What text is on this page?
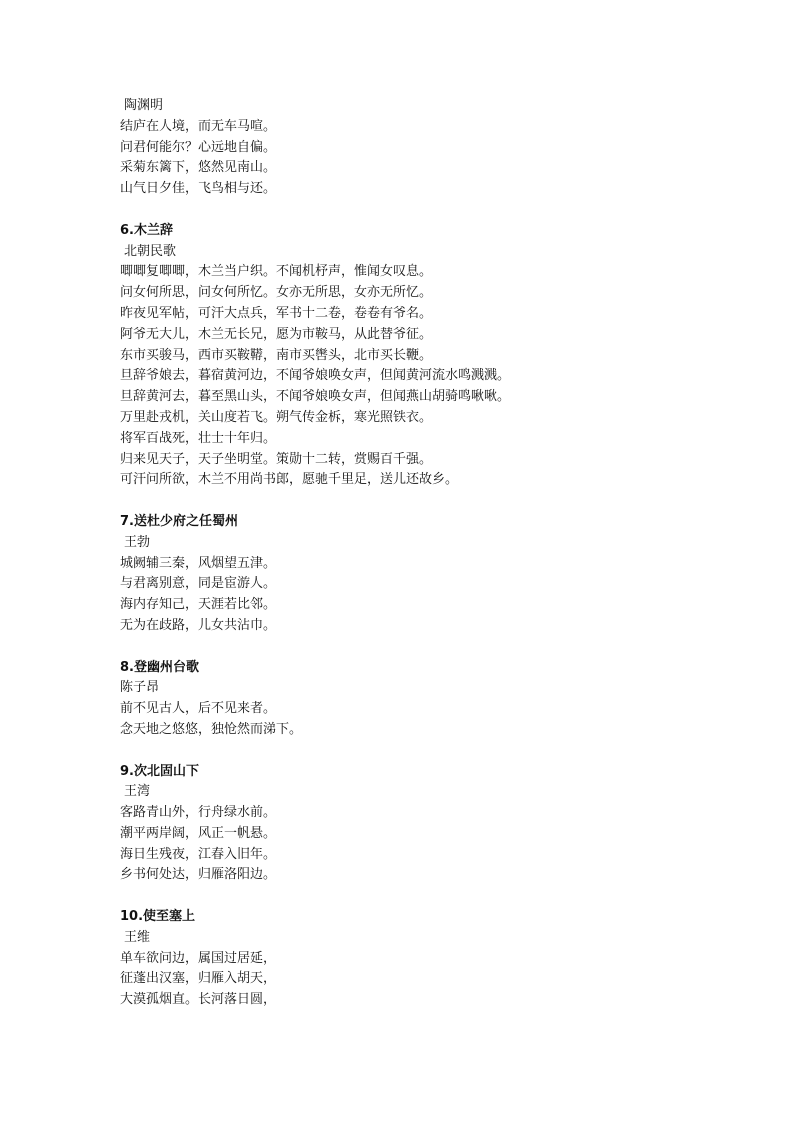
陶渊明
结庐在人境，而无车马喧。
问君何能尔？心远地自偏。
采菊东篱下，悠然见南山。
山气日夕佳，飞鸟相与还。
6.木兰辞
北朝民歌
唧唧复唧唧，木兰当户织。不闻机杼声，惟闻女叹息。
问女何所思，问女何所忆。女亦无所思，女亦无所忆。
昨夜见军帖，可汗大点兵，军书十二卷，卷卷有爷名。
阿爷无大儿，木兰无长兄，愿为市鞍马，从此替爷征。
东市买骏马，西市买鞍鞯，南市买辔头，北市买长鞭。
旦辞爷娘去，暮宿黄河边，不闻爷娘唤女声，但闻黄河流水鸣溅溅。
旦辞黄河去，暮至黑山头，不闻爷娘唤女声，但闻燕山胡骑鸣啾啾。
万里赴戎机，关山度若飞。朔气传金柝，寒光照铁衣。
将军百战死，壮士十年归。
归来见天子，天子坐明堂。策勋十二转，赏赐百千强。
可汗问所欲，木兰不用尚书郎，愿驰千里足，送儿还故乡。
7.送杜少府之任蜀州
王勃
城阙辅三秦，风烟望五津。
与君离别意，同是宦游人。
海内存知己，天涯若比邻。
无为在歧路，儿女共沾巾。
8.登幽州台歌
陈子昂
前不见古人，后不见来者。
念天地之悠悠，独怆然而涕下。
9.次北固山下
王湾
客路青山外，行舟绿水前。
潮平两岸阔，风正一帆悬。
海日生残夜，江春入旧年。
乡书何处达，归雁洛阳边。
10.使至塞上
王维
单车欲问边，属国过居延，
征蓬出汉塞，归雁入胡天，
大漠孤烟直。长河落日圆，
